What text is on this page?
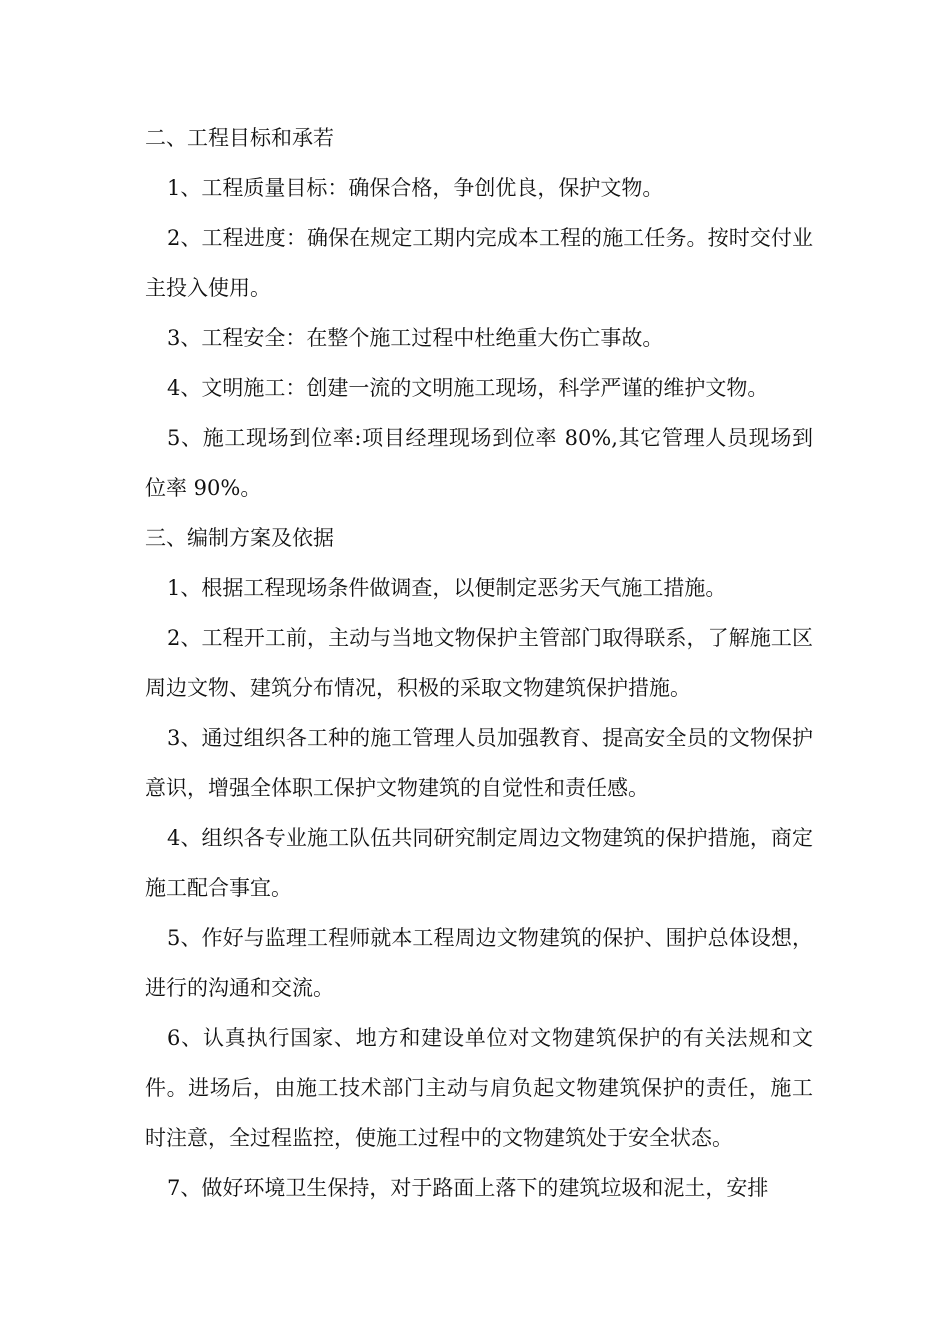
二、工程目标和承若

1、工程质量目标：确保合格，争创优良，保护文物。

2、工程进度：确保在规定工期内完成本工程的施工任务。按时交付业主投入使用。

3、工程安全：在整个施工过程中杜绝重大伤亡事故。

4、文明施工：创建一流的文明施工现场，科学严谨的维护文物。

5、施工现场到位率:项目经理现场到位率 80%,其它管理人员现场到位率 90%。

三、编制方案及依据

1、根据工程现场条件做调查，以便制定恶劣天气施工措施。

2、工程开工前，主动与当地文物保护主管部门取得联系，了解施工区周边文物、建筑分布情况，积极的采取文物建筑保护措施。

3、通过组织各工种的施工管理人员加强教育、提高安全员的文物保护意识，增强全体职工保护文物建筑的自觉性和责任感。

4、组织各专业施工队伍共同研究制定周边文物建筑的保护措施，商定施工配合事宜。

5、作好与监理工程师就本工程周边文物建筑的保护、围护总体设想，进行的沟通和交流。

6、认真执行国家、地方和建设单位对文物建筑保护的有关法规和文件。进场后，由施工技术部门主动与肩负起文物建筑保护的责任，施工时注意，全过程监控，使施工过程中的文物建筑处于安全状态。

7、做好环境卫生保持，对于路面上落下的建筑垃圾和泥土，安排
